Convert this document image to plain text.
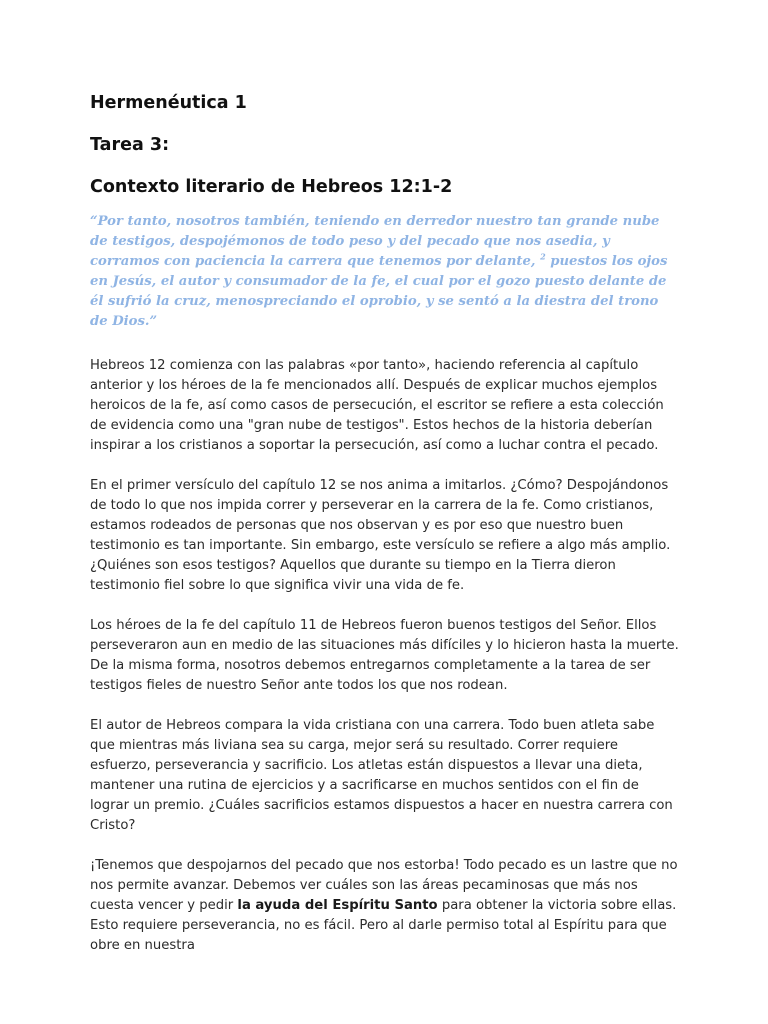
Hermenéutica 1
Tarea 3:
Contexto literario de Hebreos 12:1-2

“Por tanto, nosotros también, teniendo en derredor nuestro tan grande nube de testigos, despojémonos de todo peso y del pecado que nos asedia, y corramos con paciencia la carrera que tenemos por delante, $^2$ puestos los ojos en Jesús, el autor y consumador de la fe, el cual por el gozo puesto delante de él sufrió la cruz, menospreciando el oprobio, y se sentó a la diestra del trono de Dios.”

Hebreos 12 comienza con las palabras «por tanto», haciendo referencia al capítulo anterior y los héroes de la fe mencionados allí. Después de explicar muchos ejemplos heroicos de la fe, así como casos de persecución, el escritor se refiere a esta colección de evidencia como una "gran nube de testigos". Estos hechos de la historia deberían inspirar a los cristianos a soportar la persecución, así como a luchar contra el pecado.

En el primer versículo del capítulo 12 se nos anima a imitarlos. ¿Cómo? Despojándonos de todo lo que nos impida correr y perseverar en la carrera de la fe. Como cristianos, estamos rodeados de personas que nos observan y es por eso que nuestro buen testimonio es tan importante. Sin embargo, este versículo se refiere a algo más amplio. ¿Quiénes son esos testigos? Aquellos que durante su tiempo en la Tierra dieron testimonio fiel sobre lo que significa vivir una vida de fe.

Los héroes de la fe del capítulo 11 de Hebreos fueron buenos testigos del Señor. Ellos perseveraron aun en medio de las situaciones más difíciles y lo hicieron hasta la muerte. De la misma forma, nosotros debemos entregarnos completamente a la tarea de ser testigos fieles de nuestro Señor ante todos los que nos rodean.

El autor de Hebreos compara la vida cristiana con una carrera. Todo buen atleta sabe que mientras más liviana sea su carga, mejor será su resultado. Correr requiere esfuerzo, perseverancia y sacrificio. Los atletas están dispuestos a llevar una dieta, mantener una rutina de ejercicios y a sacrificarse en muchos sentidos con el fin de lograr un premio. ¿Cuáles sacrificios estamos dispuestos a hacer en nuestra carrera con Cristo?

¡Tenemos que despojarnos del pecado que nos estorba! Todo pecado es un lastre que no nos permite avanzar. Debemos ver cuáles son las áreas pecaminosas que más nos cuesta vencer y pedir la ayuda del Espíritu Santo para obtener la victoria sobre ellas. Esto requiere perseverancia, no es fácil. Pero al darle permiso total al Espíritu para que obre en nuestra
